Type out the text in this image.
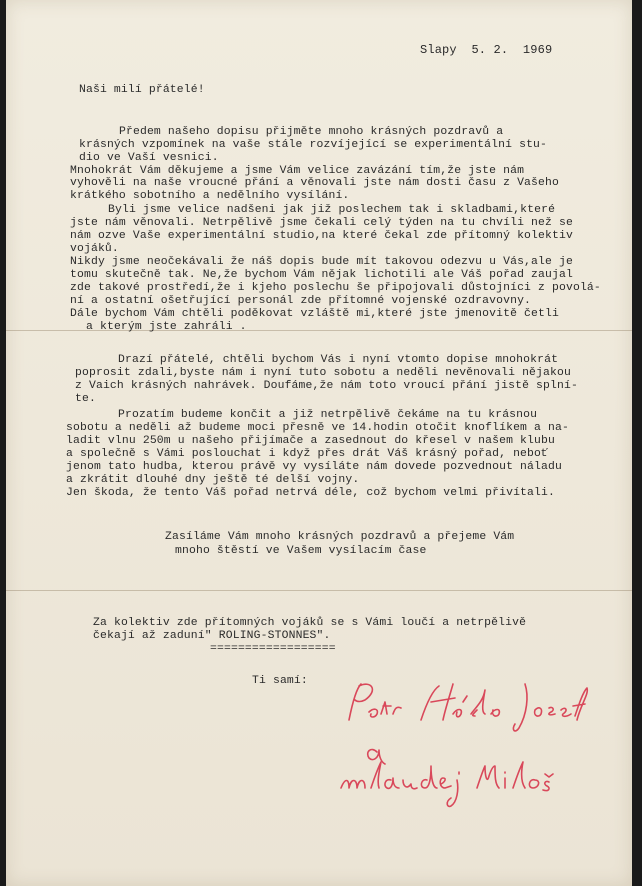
Slapy  5. 2.  1969

Naši milí přátelé!

Předem našeho dopisu přijměte mnoho krásných pozdravů a

krásných vzpomínek na vaše stále rozvíjející se experimentální stu-

dio ve Vaší vesnici.

Mnohokrát Vám děkujeme a jsme Vám velice zavázání tím,že jste nám

vyhověli na naše vroucné přání a věnovali jste nám dosti času z Vašeho

krátkého sobotního a nedělního vysílání.

Byli jsme velice nadšeni jak již poslechem tak i skladbami,které

jste nám věnovali. Netrpělivě jsme čekali celý týden na tu chvíli než se

nám ozve Vaše experimentální studio,na které čekal zde přítomný kolektiv

vojáků.

Nikdy jsme neočekávali že náš dopis bude mít takovou odezvu u Vás,ale je

tomu skutečně tak. Ne,že bychom Vám nějak lichotili ale Váš pořad zaujal

zde takové prostředí,že i kjeho poslechu še připojovali důstojníci z povolá-

ní a ostatní ošetřující personál zde přítomné vojenské ozdravovny.

Dále bychom Vám chtěli poděkovat vzláště mi,které jste jmenovitě četli

a kterým jste zahráli .

Drazí přátelé, chtěli bychom Vás i nyní vtomto dopise mnohokrát

poprosit zdali,byste nám i nyní tuto sobotu a neděli nevěnovali nějakou

z Vaich krásných nahrávek. Doufáme,že nám toto vroucí přání jistě splní-

te.

Prozatím budeme končit a již netrpělivě čekáme na tu krásnou

sobotu a neděli až budeme moci přesně ve 14.hodin otočit knoflíkem a na-

ladit vlnu 250m u našeho přijímače a zasednout do křesel v našem klubu

a společně s Vámi poslouchat i když přes drát Váš krásný pořad, neboť

jenom tato hudba, kterou právě vy vysíláte nám dovede pozvednout náladu

a zkrátit dlouhé dny ještě té delší vojny.

Jen škoda, že tento Váš pořad netrvá déle, což bychom velmi přivítali.

Zasíláme Vám mnoho krásných pozdravů a přejeme Vám

mnoho štěstí ve Vašem vysílacím čase

Za kolektiv zde přítomných vojáků se s Vámi loučí a netrpělivě

čekají až zaduní" ROLING-STONNES".

==================

Ti samí:
